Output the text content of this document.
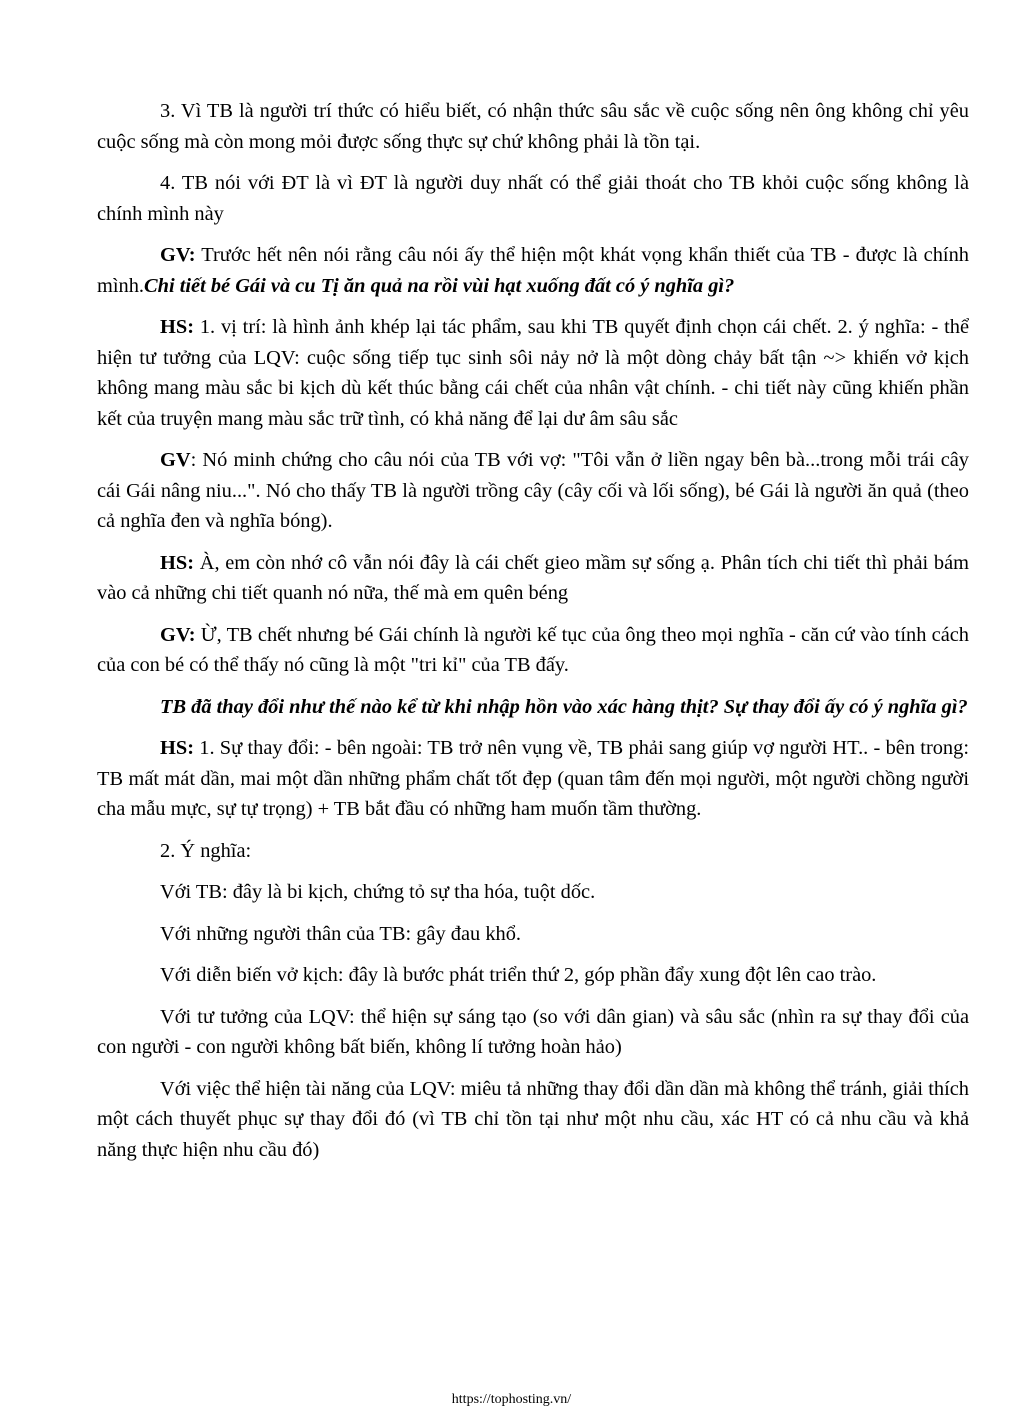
3. Vì TB là người trí thức có hiểu biết, có nhận thức sâu sắc về cuộc sống nên ông không chỉ yêu cuộc sống mà còn mong mỏi được sống thực sự chứ không phải là tồn tại.

4. TB nói với ĐT là vì ĐT là người duy nhất có thể giải thoát cho TB khỏi cuộc sống không là chính mình này

GV: Trước hết nên nói rằng câu nói ấy thể hiện một khát vọng khẩn thiết của TB - được là chính mình.Chi tiết bé Gái và cu Tị ăn quả na rồi vùi hạt xuống đất có ý nghĩa gì?

HS: 1. vị trí: là hình ảnh khép lại tác phẩm, sau khi TB quyết định chọn cái chết. 2. ý nghĩa: - thể hiện tư tưởng của LQV: cuộc sống tiếp tục sinh sôi nảy nở là một dòng chảy bất tận ~> khiến vở kịch không mang màu sắc bi kịch dù kết thúc bằng cái chết của nhân vật chính. - chi tiết này cũng khiến phần kết của truyện mang màu sắc trữ tình, có khả năng để lại dư âm sâu sắc

GV: Nó minh chứng cho câu nói của TB với vợ: "Tôi vẫn ở liền ngay bên bà...trong mỗi trái cây cái Gái nâng niu...". Nó cho thấy TB là người trồng cây (cây cối và lối sống), bé Gái là người ăn quả (theo cả nghĩa đen và nghĩa bóng).

HS: À, em còn nhớ cô vẫn nói đây là cái chết gieo mầm sự sống ạ. Phân tích chi tiết thì phải bám vào cả những chi tiết quanh nó nữa, thế mà em quên béng

GV: Ừ, TB chết nhưng bé Gái chính là người kế tục của ông theo mọi nghĩa - căn cứ vào tính cách của con bé có thể thấy nó cũng là một "tri kỉ" của TB đấy.

TB đã thay đổi như thế nào kể từ khi nhập hồn vào xác hàng thịt? Sự thay đổi ấy có ý nghĩa gì?

HS: 1. Sự thay đổi: - bên ngoài: TB trở nên vụng về, TB phải sang giúp vợ người HT.. - bên trong: TB mất mát dần, mai một dần những phẩm chất tốt đẹp (quan tâm đến mọi người, một người chồng người cha mẫu mực, sự tự trọng) + TB bắt đầu có những ham muốn tầm thường.

2. Ý nghĩa:

Với TB: đây là bi kịch, chứng tỏ sự tha hóa, tuột dốc.

Với những người thân của TB: gây đau khổ.

Với diễn biến vở kịch: đây là bước phát triển thứ 2, góp phần đẩy xung đột lên cao trào.

Với tư tưởng của LQV: thể hiện sự sáng tạo (so với dân gian) và sâu sắc (nhìn ra sự thay đổi của con người - con người không bất biến, không lí tưởng hoàn hảo)

Với việc thể hiện tài năng của LQV: miêu tả những thay đổi dần dần mà không thể tránh, giải thích một cách thuyết phục sự thay đổi đó (vì TB chỉ tồn tại như một nhu cầu, xác HT có cả nhu cầu và khả năng thực hiện nhu cầu đó)

https://tophosting.vn/
